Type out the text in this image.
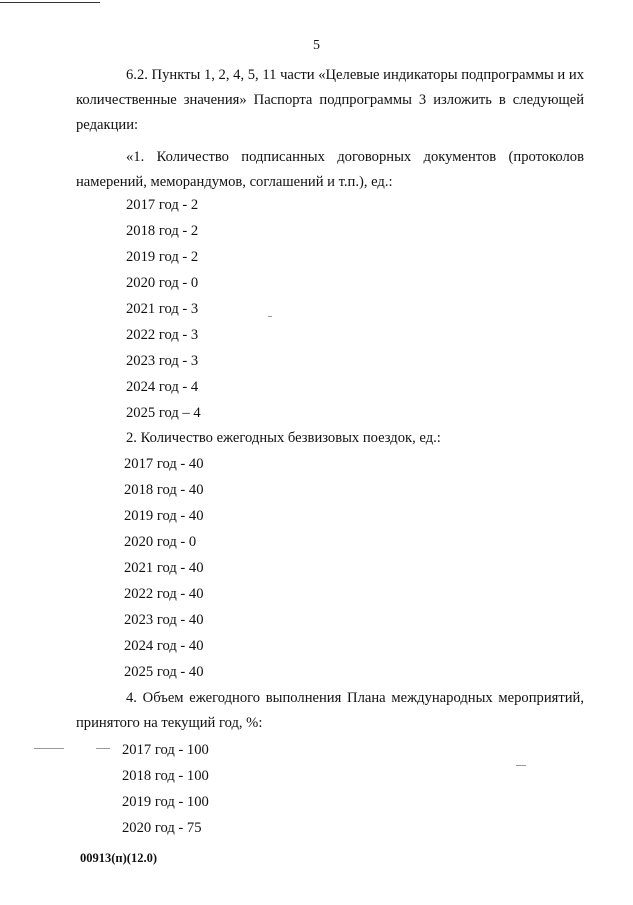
5
6.2. Пункты 1, 2, 4, 5, 11 части «Целевые индикаторы подпрограммы и их количественные значения» Паспорта подпрограммы 3 изложить в следующей редакции:
«1. Количество подписанных договорных документов (протоколов намерений, меморандумов, соглашений и т.п.), ед.:
2017 год - 2
2018 год - 2
2019 год - 2
2020 год - 0
2021 год - 3
2022 год - 3
2023 год - 3
2024 год - 4
2025 год – 4
2. Количество ежегодных безвизовых поездок, ед.:
2017 год - 40
2018 год - 40
2019 год - 40
2020 год - 0
2021 год - 40
2022 год - 40
2023 год - 40
2024 год - 40
2025 год - 40
4. Объем ежегодного выполнения Плана международных мероприятий, принятого на текущий год, %:
2017 год - 100
2018 год - 100
2019 год - 100
2020 год - 75
00913(п)(12.0)
